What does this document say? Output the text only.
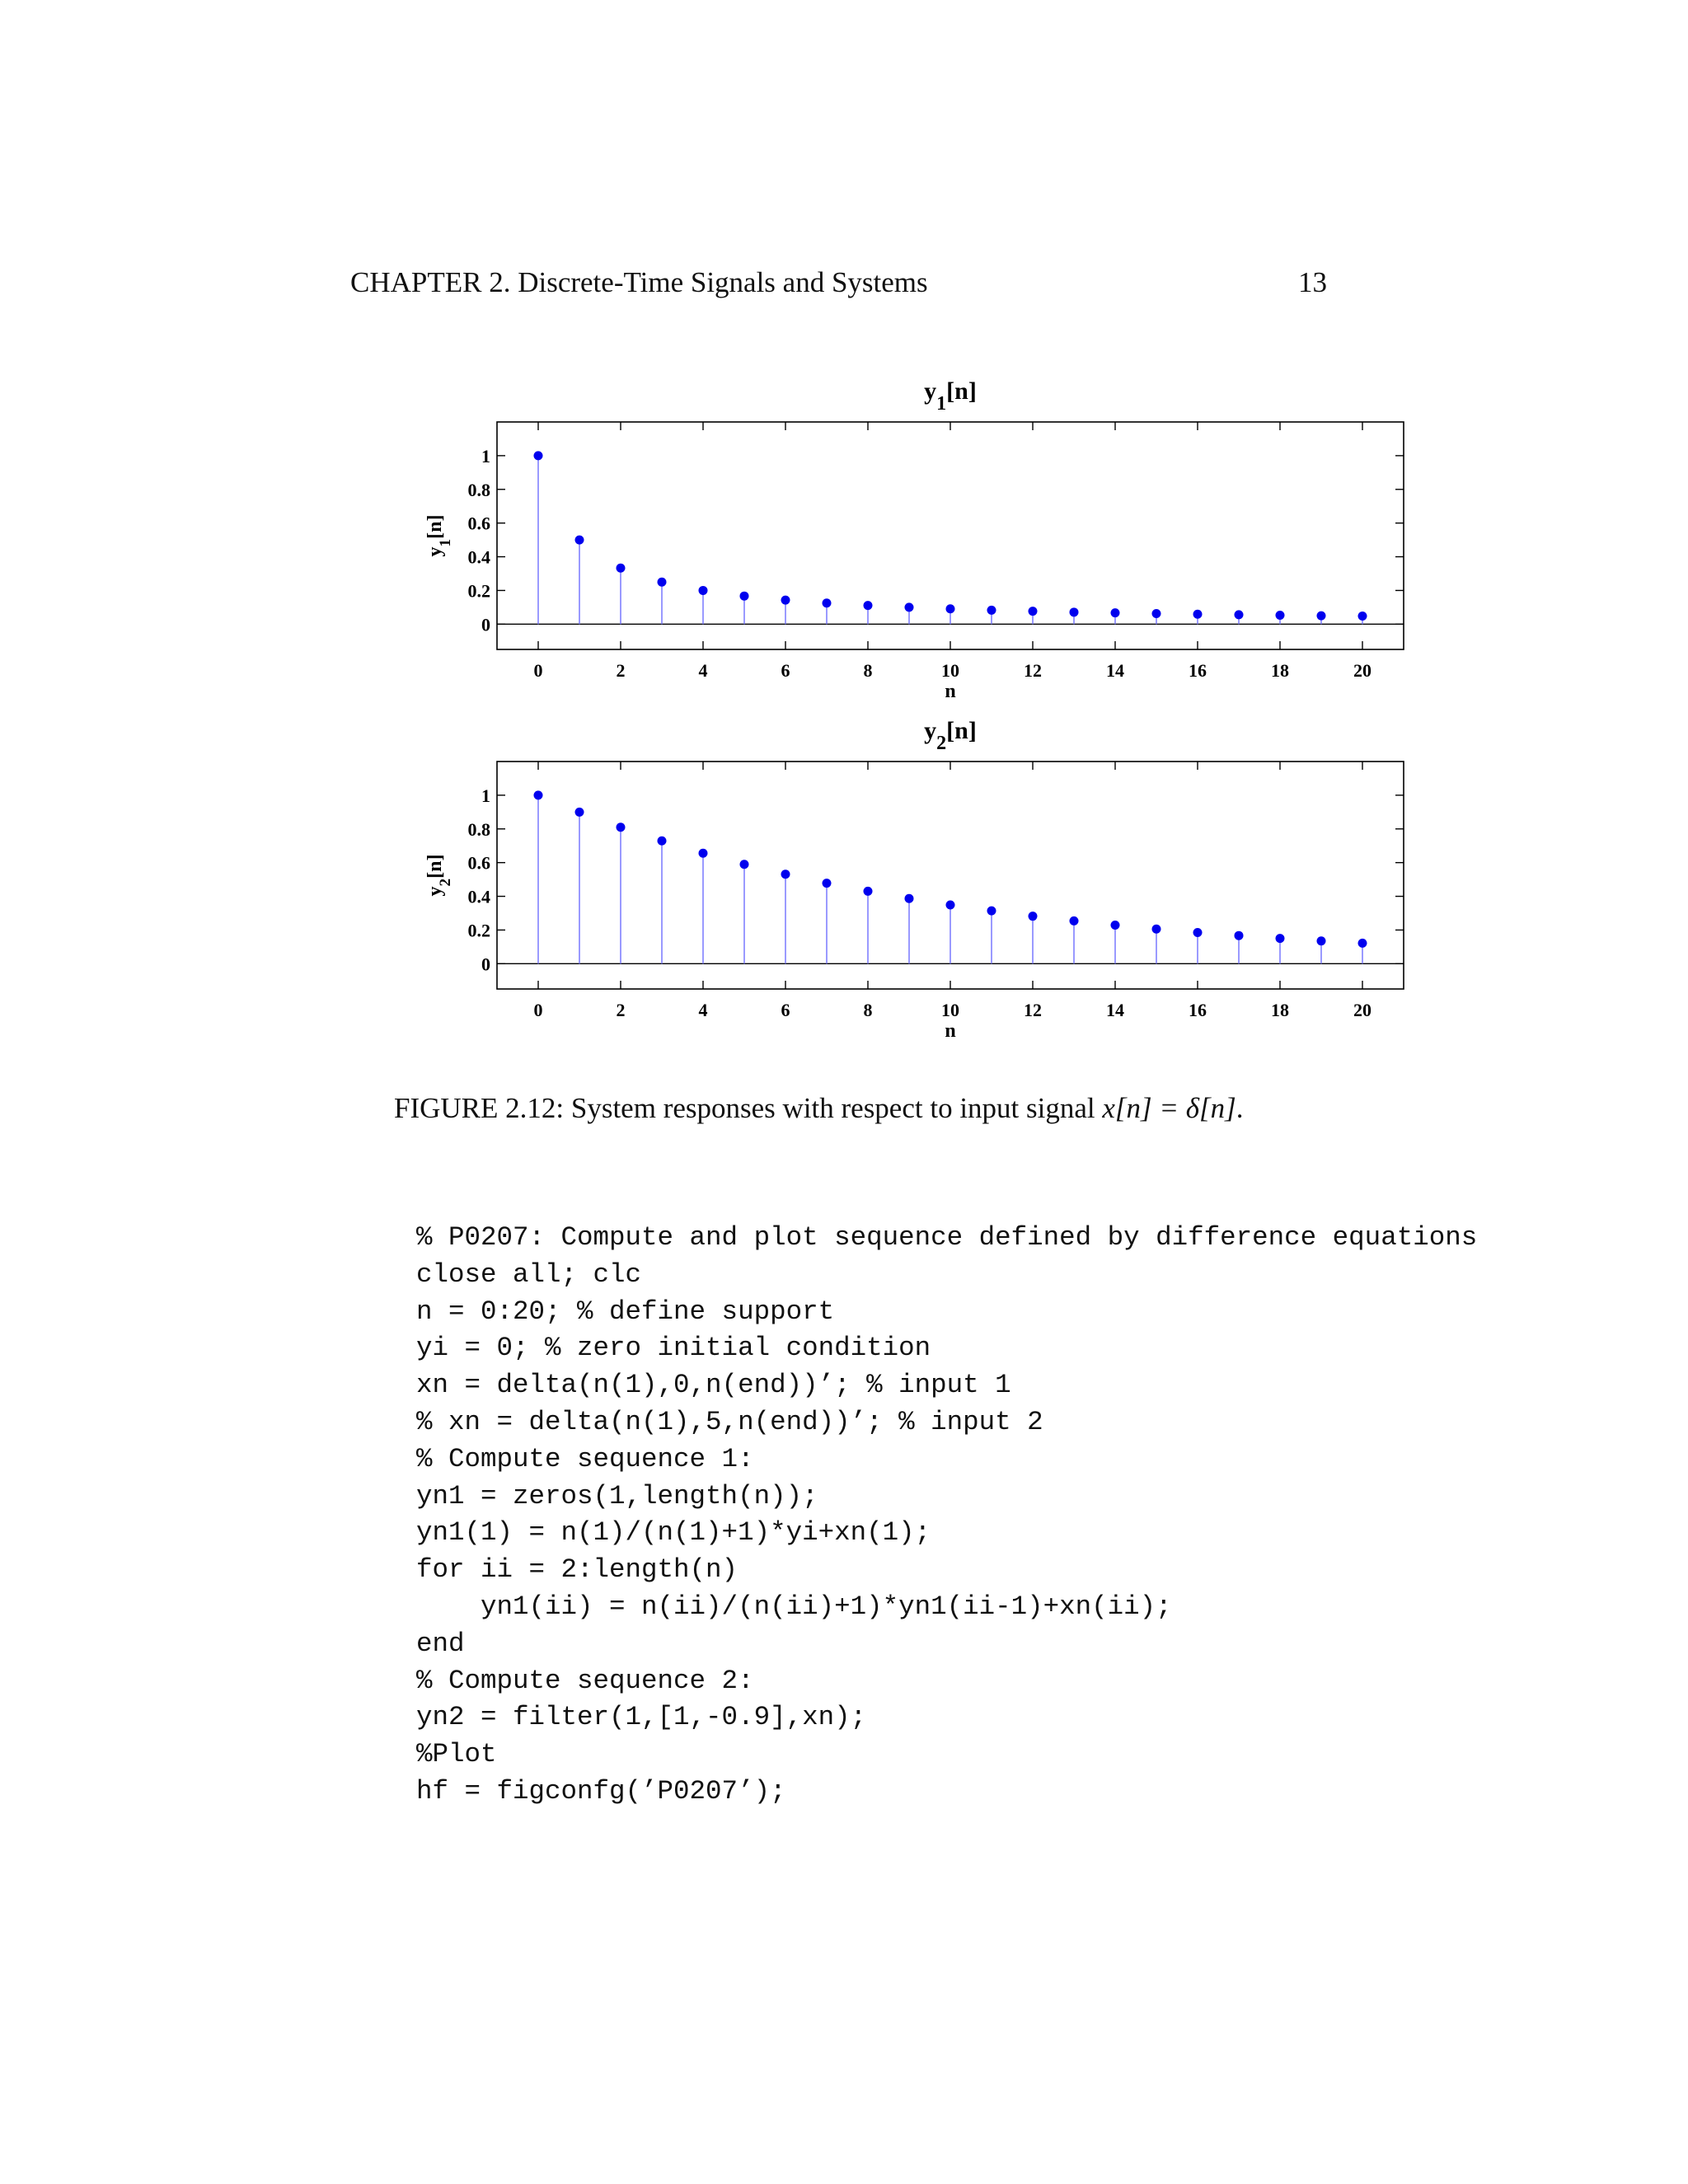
CHAPTER 2. Discrete-Time Signals and Systems	13
0	2	4	6	8	10	12	14	16	18	20
0
0.2
0.4
0.6
0.8
1
$y_1[n]$
n
$y_1[n]$
0	2	4	6	8	10	12	14	16	18	20
0
0.2
0.4
0.6
0.8
1
$y_2[n]$
n
$y_2[n]$
FIGURE 2.12: System responses with respect to input signal x[n] = δ[n].
% P0207: Compute and plot sequence defined by difference equations
close all; clc
n = 0:20; % define support
yi = 0; % zero initial condition
xn = delta(n(1),0,n(end))’; % input 1
% xn = delta(n(1),5,n(end))’; % input 2
% Compute sequence 1:
yn1 = zeros(1,length(n));
yn1(1) = n(1)/(n(1)+1)*yi+xn(1);
for ii = 2:length(n)
yn1(ii) = n(ii)/(n(ii)+1)*yn1(ii-1)+xn(ii);
end
% Compute sequence 2:
yn2 = filter(1,[1,-0.9],xn);
%Plot
hf = figconfg(’P0207’);
